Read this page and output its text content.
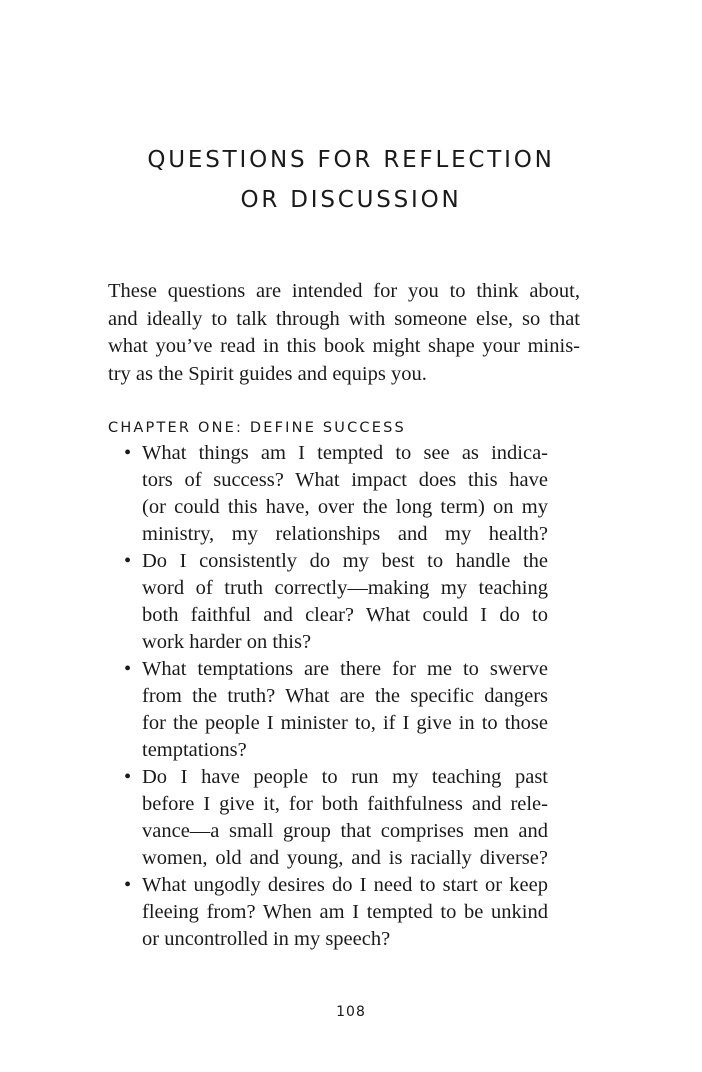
QUESTIONS FOR REFLECTION
OR DISCUSSION

These questions are intended for you to think about,
and ideally to talk through with someone else, so that
what you’ve read in this book might shape your minis-
try as the Spirit guides and equips you.

CHAPTER ONE: DEFINE SUCCESS
• What things am I tempted to see as indica-
tors of success? What impact does this have
(or could this have, over the long term) on my
ministry, my relationships and my health?
• Do I consistently do my best to handle the
word of truth correctly—making my teaching
both faithful and clear? What could I do to
work harder on this?
• What temptations are there for me to swerve
from the truth? What are the specific dangers
for the people I minister to, if I give in to those
temptations?
• Do I have people to run my teaching past
before I give it, for both faithfulness and rele-
vance—a small group that comprises men and
women, old and young, and is racially diverse?
• What ungodly desires do I need to start or keep
fleeing from? When am I tempted to be unkind
or uncontrolled in my speech?
108
